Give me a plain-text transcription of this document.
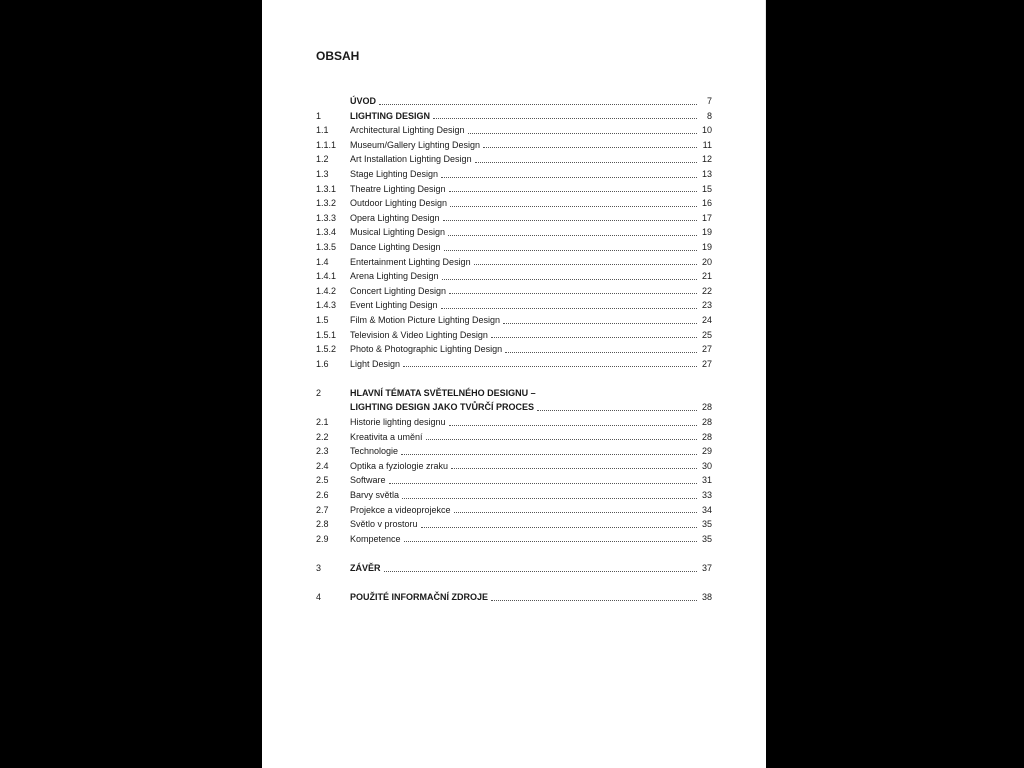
OBSAH
ÚVOD	7
1	LIGHTING DESIGN	8
1.1	Architectural Lighting Design	10
1.1.1	Museum/Gallery Lighting Design	11
1.2	Art Installation Lighting Design	12
1.3	Stage Lighting Design	13
1.3.1	Theatre Lighting Design	15
1.3.2	Outdoor Lighting Design	16
1.3.3	Opera Lighting Design	17
1.3.4	Musical Lighting Design	19
1.3.5	Dance Lighting Design	19
1.4	Entertainment Lighting Design	20
1.4.1	Arena Lighting Design	21
1.4.2	Concert Lighting Design	22
1.4.3	Event Lighting Design	23
1.5	Film & Motion Picture Lighting Design	24
1.5.1	Television & Video Lighting Design	25
1.5.2	Photo & Photographic Lighting Design	27
1.6	Light Design	27
2	HLAVNÍ TÉMATA SVĚTELNÉHO DESIGNU –
LIGHTING DESIGN JAKO TVŮRČÍ PROCES	28
2.1	Historie lighting designu	28
2.2	Kreativita a umění	28
2.3	Technologie	29
2.4	Optika a fyziologie zraku	30
2.5	Software	31
2.6	Barvy světla	33
2.7	Projekce a videoprojekce	34
2.8	Světlo v prostoru	35
2.9	Kompetence	35
3	ZÁVĚR	37
4	POUŽITÉ INFORMAČNÍ ZDROJE	38
